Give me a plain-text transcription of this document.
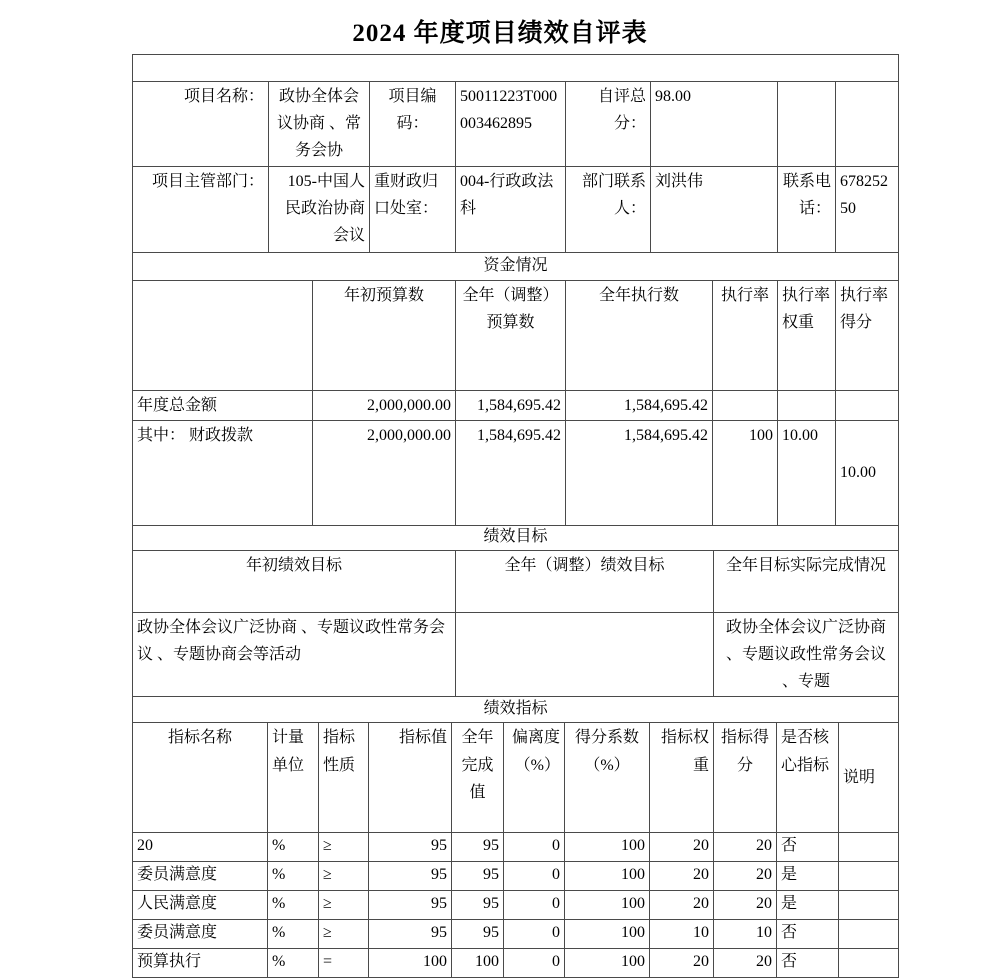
2024 年度项目绩效自评表
项目名称：	政协全体会议协商 、常务会协	项目编码：	50011223T000003462895	自评总分：	98.00		
项目主管部门：	105-中国人民政治协商会议	重财政归口处室：	004-行政政法科	部门联系人：	刘洪伟	联系电话：	67825250
资金情况						
	年初预算数	全年（调整）预算数	全年执行数	执行率	执行率权重	执行率得分
年度总金额	2,000,000.00	1,584,695.42	1,584,695.42			
其中： 财政拨款	2,000,000.00	1,584,695.42	1,584,695.42	100	10.00	10.00
绩效目标		
年初绩效目标	全年（调整）绩效目标	全年目标实际完成情况
政协全体会议广泛协商 、专题议政性常务会议 、专题协商会等活动		政协全体会议广泛协商 、专题议政性常务会议 、专题
绩效指标										
指标名称	计量单位	指标性质	指标值	全年完成值	偏离度（%）	得分系数（%）	指标权重	指标得分	是否核心指标	说明
20	%	≥	95	95	0	100	20	20	否	
委员满意度	%	≥	95	95	0	100	20	20	是	
人民满意度	%	≥	95	95	0	100	20	20	是	
委员满意度	%	≥	95	95	0	100	10	10	否	
预算执行	%	=	100	100	0	100	20	20	否	
